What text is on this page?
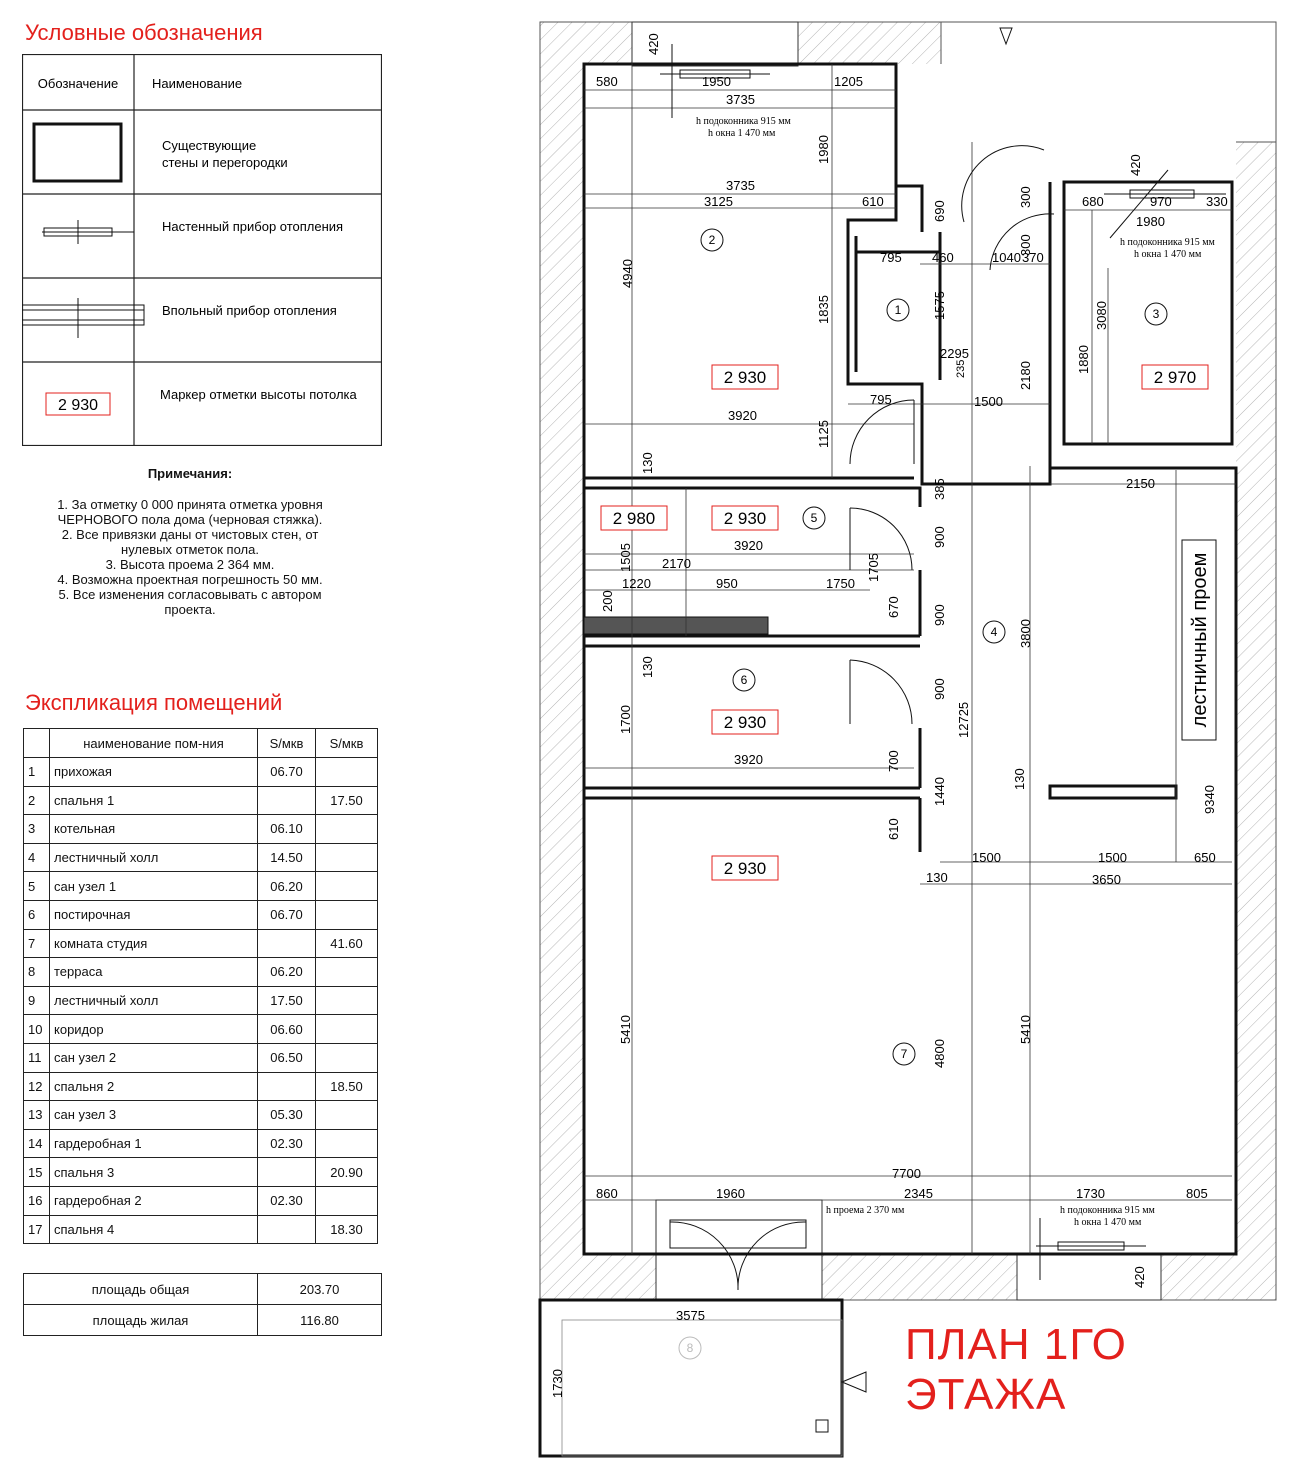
Условные обозначения
Обозначение	Наименование
Существующие
стены и перегородки
Настенный прибор отопления
Впольный прибор отопления
2 930
Маркер отметки высоты потолка
Примечания:
1. За отметку 0 000 принята отметка уровня
ЧЕРНОВОГО пола дома (черновая стяжка).
2. Все привязки даны от чистовых стен, от
нулевых отметок пола.
3. Высота проема 2 364 мм.
4. Возможна проектная погрешность 50 мм.
5. Все изменения согласовывать с автором
проекта.
Экспликация помещений
	наименование пом-ния	S/мкв	S/мкв
1	прихожая	06.70	
2	спальня 1		17.50
3	котельная	06.10	
4	лестничный холл	14.50	
5	сан узел 1	06.20	
6	постирочная	06.70	
7	комната студия		41.60
8	терраса	06.20	
9	лестничный холл	17.50	
10	коридор	06.60	
11	сан узел 2	06.50	
12	спальня 2		18.50
13	сан узел 3	05.30	
14	гардеробная 1	02.30	
15	спальня 3		20.90
16	гардеробная 2	02.30	
17	спальня 4		18.30
площадь общая	203.70
площадь жилая	116.80
лестничный проем
h подоконника 915 мм
h окна 1 470 мм
h подоконника 915 мм
h окна 1 470 мм
h подоконника 915 мм
h окна 1 470 мм
h проема 2 370 мм
1
2
3
4
5
6
7
8
2 930	2 970
2 980	2 930
2 930
2 930
420
580	1950	1205
3735
1980
3735
3125	610
4940
1835
3920
1125
130
690
795 460
1575
2295
235
795	1500
2180
300
420
680	970	330
1980
1040 370
3080
1880
300
385	2150
3920	900
1505 2170	1705
1220	950	1750
200	670 900
130
900
1700
3920	700
12725
3800
130
9340
1440
610
1500	1500	650
130	3650
5410
4800
5410
7700
860	1960	2345	1730	805
420
3575
1730
ПЛАН 1ГО ЭТАЖА
